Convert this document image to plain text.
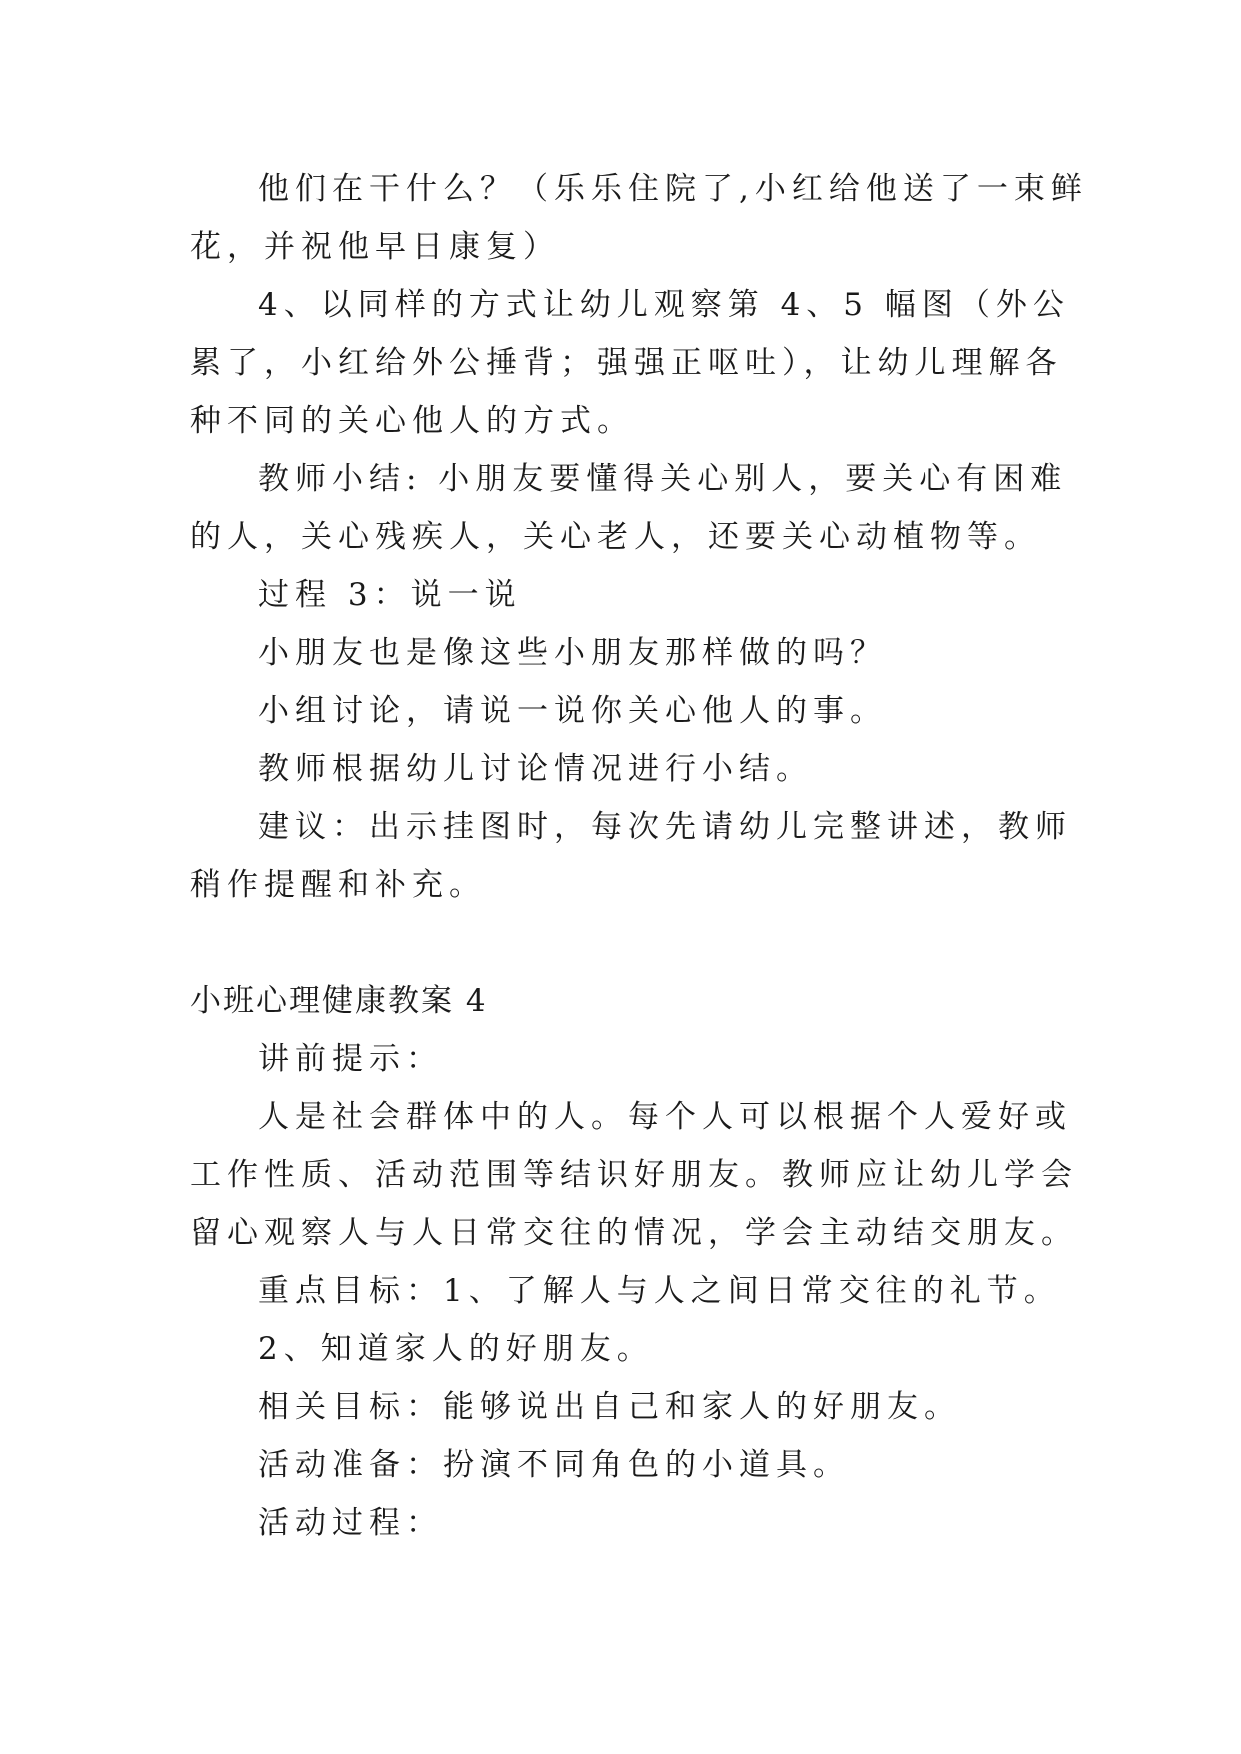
他们在干什么？（乐乐住院了,小红给他送了一束鲜花，并祝他早日康复）

4、以同样的方式让幼儿观察第 4、5 幅图（外公累了，小红给外公捶背；强强正呕吐），让幼儿理解各种不同的关心他人的方式。

教师小结: 小朋友要懂得关心别人，要关心有困难的人，关心残疾人，关心老人，还要关心动植物等。

过程 3：说一说

小朋友也是像这些小朋友那样做的吗？

小组讨论，请说一说你关心他人的事。

教师根据幼儿讨论情况进行小结。

建议：出示挂图时，每次先请幼儿完整讲述，教师稍作提醒和补充。

小班心理健康教案 4

讲前提示：

人是社会群体中的人。每个人可以根据个人爱好或工作性质、活动范围等结识好朋友。教师应让幼儿学会留心观察人与人日常交往的情况，学会主动结交朋友。

重点目标：1、了解人与人之间日常交往的礼节。

2、知道家人的好朋友。

相关目标：能够说出自己和家人的好朋友。

活动准备：扮演不同角色的小道具。

活动过程：
